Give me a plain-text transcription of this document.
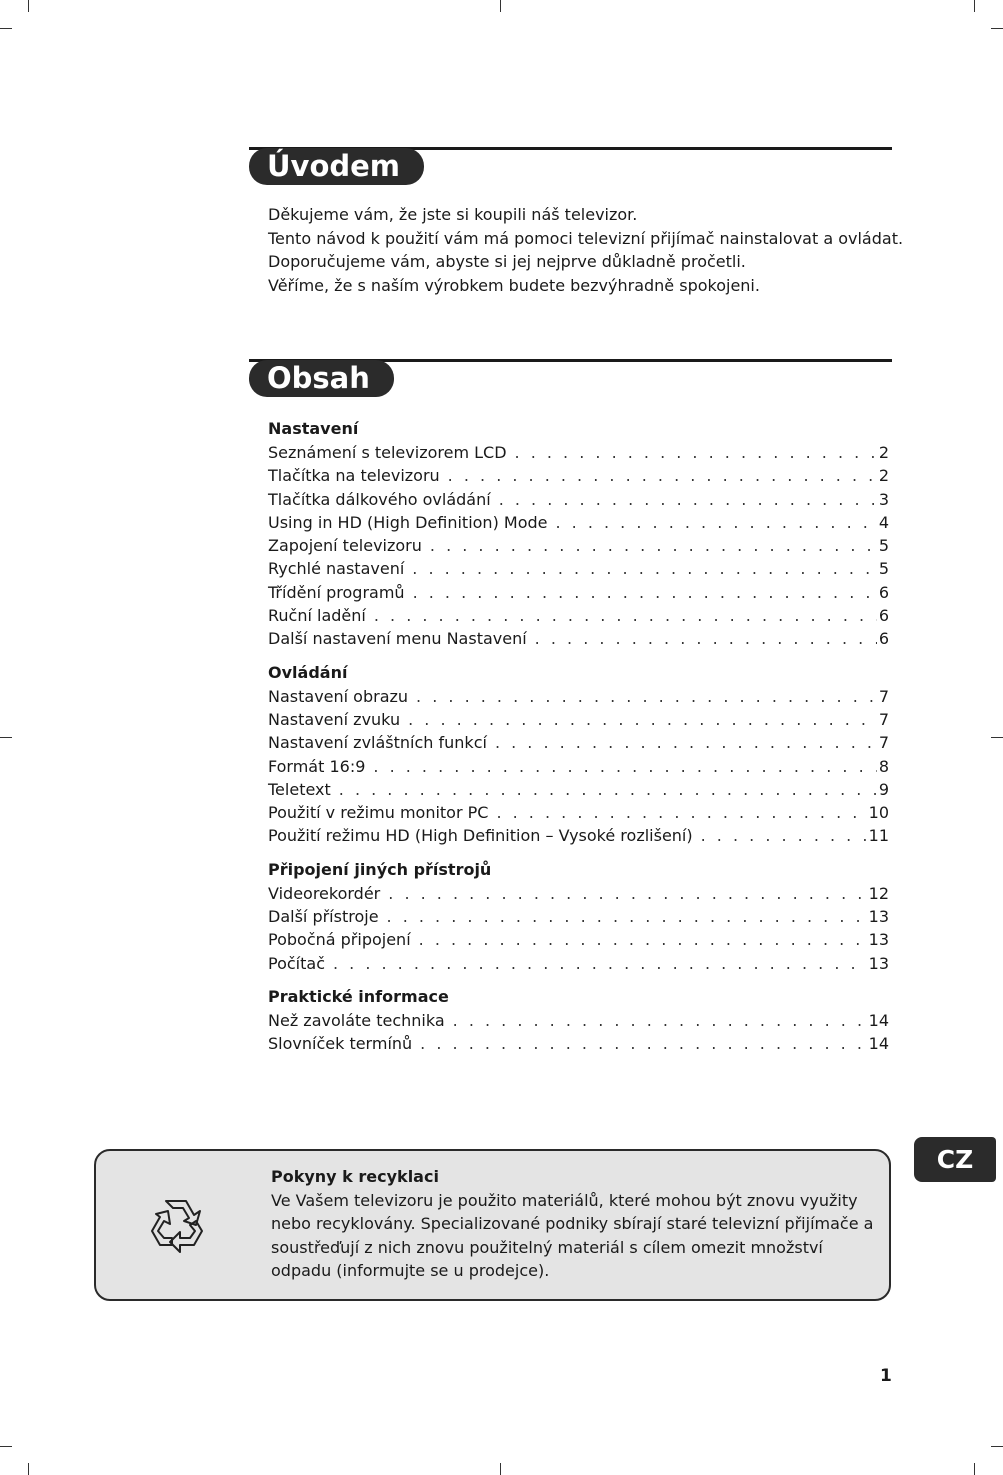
Úvodem

Děkujeme vám, že jste si koupili náš televizor.

Tento návod k použití vám má pomoci televizní přijímač nainstalovat a ovládat.

Doporučujeme vám, abyste si jej nejprve důkladně pročetli.

Věříme, že s naším výrobkem budete bezvýhradně spokojeni.

Obsah
Nastavení
Seznámení s televizorem LCD . . .	2
Tlačítka na televizoru . . .	2
Tlačítka dálkového ovládání . . .	3
Using in HD (High Definition) Mode . . .	4
Zapojení televizoru . . .	5
Rychlé nastavení . . .	5
Třídění programů . . .	6
Ruční ladění . . .	6
Další nastavení menu Nastavení . . .	6
Ovládání
Nastavení obrazu . . .	7
Nastavení zvuku . . .	7
Nastavení zvláštních funkcí . . .	7
Formát 16:9 . . .	8
Teletext . . .	9
Použití v režimu monitor PC . . .	10
Použití režimu HD (High Definition – Vysoké rozlišení) . . .	11
Připojení jiných přístrojů
Videorekordér . . .	12
Další přístroje . . .	13
Pobočná připojení . . .	13
Počítač . . .	13
Praktické informace
Než zavoláte technika . . .	14
Slovníček termínů . . .	14
Pokyny k recyklaci
Ve Vašem televizoru je použito materiálů, které mohou být znovu využity nebo recyklovány. Specializované podniky sbírají staré televizní přijímače a soustřeďují z nich znovu použitelný materiál s cílem omezit množství odpadu (informujte se u prodejce).
CZ
1
